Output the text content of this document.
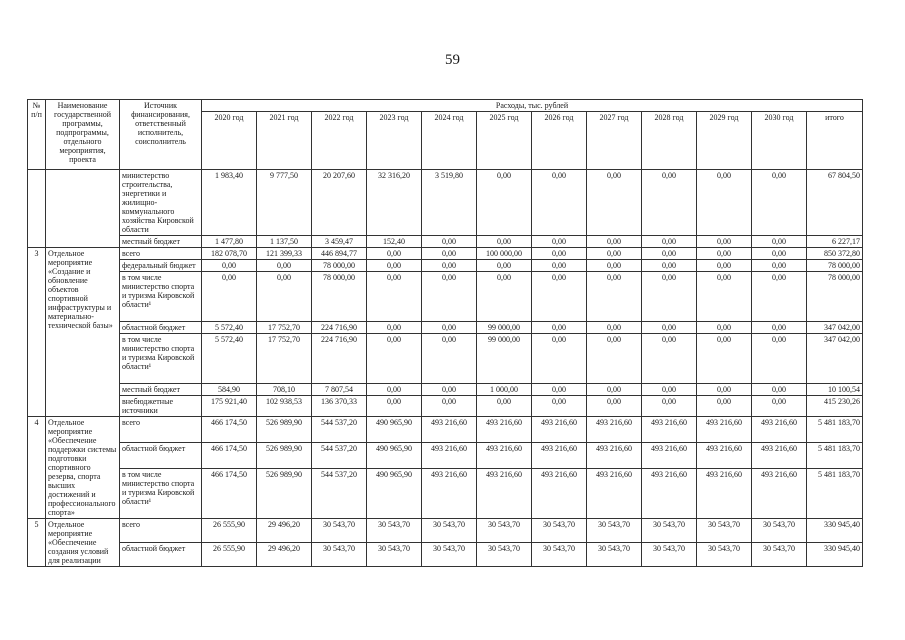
59
№ п/п	Наименование государственной программы, подпрограммы, отдельного мероприятия, проекта	Источник финансирования, ответственный исполнитель, соисполнитель	Расходы, тыс. рублей											
			2020 год	2021 год	2022 год	2023 год	2024 год	2025 год	2026 год	2027 год	2028 год	2029 год	2030 год	итого
		министерство строительства, энергетики и жилищно-коммунального хозяйства Кировской области	1 983,40	9 777,50	20 207,60	32 316,20	3 519,80	0,00	0,00	0,00	0,00	0,00	0,00	67 804,50
		местный бюджет	1 477,80	1 137,50	3 459,47	152,40	0,00	0,00	0,00	0,00	0,00	0,00	0,00	6 227,17
3	Отдельное мероприятие «Создание и обновление объектов спортивной инфраструктуры и материально-технической базы»	всего	182 078,70	121 399,33	446 894,77	0,00	0,00	100 000,00	0,00	0,00	0,00	0,00	0,00	850 372,80
		федеральный бюджет	0,00	0,00	78 000,00	0,00	0,00	0,00	0,00	0,00	0,00	0,00	0,00	78 000,00
		в том числе министерство спорта и туризма Кировской области¹	0,00	0,00	78 000,00	0,00	0,00	0,00	0,00	0,00	0,00	0,00	0,00	78 000,00
		областной бюджет	5 572,40	17 752,70	224 716,90	0,00	0,00	99 000,00	0,00	0,00	0,00	0,00	0,00	347 042,00
		в том числе министерство спорта и туризма Кировской области¹	5 572,40	17 752,70	224 716,90	0,00	0,00	99 000,00	0,00	0,00	0,00	0,00	0,00	347 042,00
		местный бюджет	584,90	708,10	7 807,54	0,00	0,00	1 000,00	0,00	0,00	0,00	0,00	0,00	10 100,54
		внебюджетные источники	175 921,40	102 938,53	136 370,33	0,00	0,00	0,00	0,00	0,00	0,00	0,00	0,00	415 230,26
4	Отдельное мероприятие «Обеспечение поддержки системы подготовки спортивного резерва, спорта высших достижений и профессионального спорта»	всего	466 174,50	526 989,90	544 537,20	490 965,90	493 216,60	493 216,60	493 216,60	493 216,60	493 216,60	493 216,60	493 216,60	5 481 183,70
		областной бюджет	466 174,50	526 989,90	544 537,20	490 965,90	493 216,60	493 216,60	493 216,60	493 216,60	493 216,60	493 216,60	493 216,60	5 481 183,70
		в том числе министерство спорта и туризма Кировской области¹	466 174,50	526 989,90	544 537,20	490 965,90	493 216,60	493 216,60	493 216,60	493 216,60	493 216,60	493 216,60	493 216,60	5 481 183,70
5	Отдельное мероприятие «Обеспечение создания условий для реализации	всего	26 555,90	29 496,20	30 543,70	30 543,70	30 543,70	30 543,70	30 543,70	30 543,70	30 543,70	30 543,70	30 543,70	330 945,40
		областной бюджет	26 555,90	29 496,20	30 543,70	30 543,70	30 543,70	30 543,70	30 543,70	30 543,70	30 543,70	30 543,70	30 543,70	330 945,40
